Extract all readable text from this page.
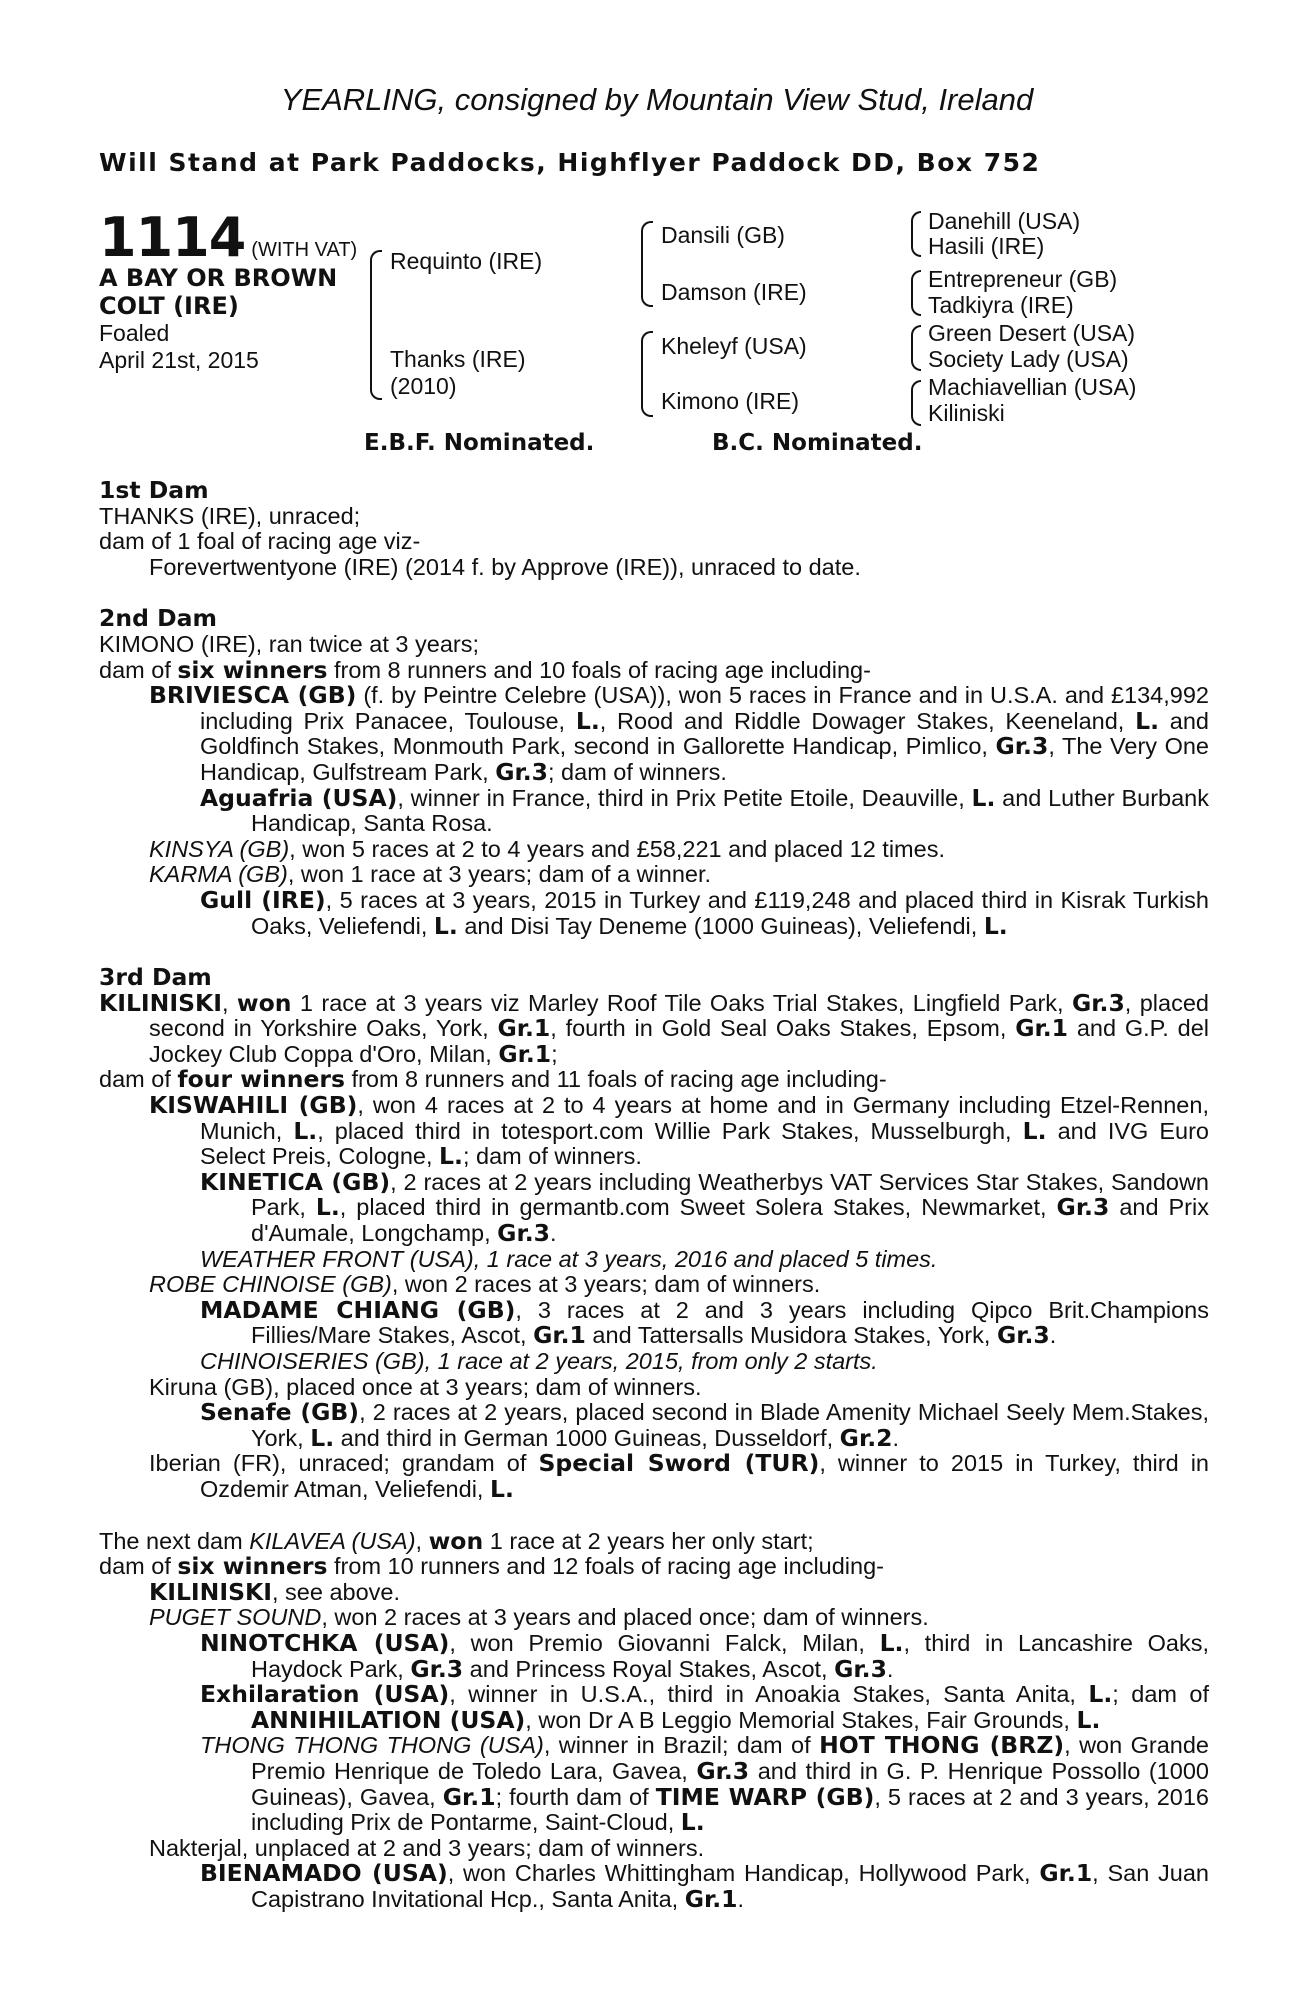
YEARLING, consigned by Mountain View Stud, Ireland
Will Stand at Park Paddocks, Highflyer Paddock DD, Box 752
1114 (WITH VAT)
A BAY OR BROWN
COLT (IRE)
Foaled
April 21st, 2015
Requinto (IRE)
Thanks (IRE)
(2010)
Dansili (GB)
Damson (IRE)
Kheleyf (USA)
Kimono (IRE)
Danehill (USA)
Hasili (IRE)
Entrepreneur (GB)
Tadkiyra (IRE)
Green Desert (USA)
Society Lady (USA)
Machiavellian (USA)
Kiliniski
E.B.F. Nominated.	B.C. Nominated.
1st Dam
THANKS (IRE), unraced;
dam of 1 foal of racing age viz-
Forevertwentyone (IRE) (2014 f. by Approve (IRE)), unraced to date.
2nd Dam
KIMONO (IRE), ran twice at 3 years;
dam of six winners from 8 runners and 10 foals of racing age including-
BRIVIESCA (GB) (f. by Peintre Celebre (USA)), won 5 races in France and in U.S.A. and £134,992 including Prix Panacee, Toulouse, L., Rood and Riddle Dowager Stakes, Keeneland, L. and Goldfinch Stakes, Monmouth Park, second in Gallorette Handicap, Pimlico, Gr.3, The Very One Handicap, Gulfstream Park, Gr.3; dam of winners.
Aguafria (USA), winner in France, third in Prix Petite Etoile, Deauville, L. and Luther Burbank Handicap, Santa Rosa.
KINSYA (GB), won 5 races at 2 to 4 years and £58,221 and placed 12 times.
KARMA (GB), won 1 race at 3 years; dam of a winner.
Gull (IRE), 5 races at 3 years, 2015 in Turkey and £119,248 and placed third in Kisrak Turkish Oaks, Veliefendi, L. and Disi Tay Deneme (1000 Guineas), Veliefendi, L.
3rd Dam
KILINISKI, won 1 race at 3 years viz Marley Roof Tile Oaks Trial Stakes, Lingfield Park, Gr.3, placed second in Yorkshire Oaks, York, Gr.1, fourth in Gold Seal Oaks Stakes, Epsom, Gr.1 and G.P. del Jockey Club Coppa d'Oro, Milan, Gr.1;
dam of four winners from 8 runners and 11 foals of racing age including-
KISWAHILI (GB), won 4 races at 2 to 4 years at home and in Germany including Etzel-Rennen, Munich, L., placed third in totesport.com Willie Park Stakes, Musselburgh, L. and IVG Euro Select Preis, Cologne, L.; dam of winners.
KINETICA (GB), 2 races at 2 years including Weatherbys VAT Services Star Stakes, Sandown Park, L., placed third in germantb.com Sweet Solera Stakes, Newmarket, Gr.3 and Prix d'Aumale, Longchamp, Gr.3.
WEATHER FRONT (USA), 1 race at 3 years, 2016 and placed 5 times.
ROBE CHINOISE (GB), won 2 races at 3 years; dam of winners.
MADAME CHIANG (GB), 3 races at 2 and 3 years including Qipco Brit.Champions Fillies/Mare Stakes, Ascot, Gr.1 and Tattersalls Musidora Stakes, York, Gr.3.
CHINOISERIES (GB), 1 race at 2 years, 2015, from only 2 starts.
Kiruna (GB), placed once at 3 years; dam of winners.
Senafe (GB), 2 races at 2 years, placed second in Blade Amenity Michael Seely Mem.Stakes, York, L. and third in German 1000 Guineas, Dusseldorf, Gr.2.
Iberian (FR), unraced; grandam of Special Sword (TUR), winner to 2015 in Turkey, third in Ozdemir Atman, Veliefendi, L.
The next dam KILAVEA (USA), won 1 race at 2 years her only start;
dam of six winners from 10 runners and 12 foals of racing age including-
KILINISKI, see above.
PUGET SOUND, won 2 races at 3 years and placed once; dam of winners.
NINOTCHKA (USA), won Premio Giovanni Falck, Milan, L., third in Lancashire Oaks, Haydock Park, Gr.3 and Princess Royal Stakes, Ascot, Gr.3.
Exhilaration (USA), winner in U.S.A., third in Anoakia Stakes, Santa Anita, L.; dam of ANNIHILATION (USA), won Dr A B Leggio Memorial Stakes, Fair Grounds, L.
THONG THONG THONG (USA), winner in Brazil; dam of HOT THONG (BRZ), won Grande Premio Henrique de Toledo Lara, Gavea, Gr.3 and third in G. P. Henrique Possollo (1000 Guineas), Gavea, Gr.1; fourth dam of TIME WARP (GB), 5 races at 2 and 3 years, 2016 including Prix de Pontarme, Saint-Cloud, L.
Nakterjal, unplaced at 2 and 3 years; dam of winners.
BIENAMADO (USA), won Charles Whittingham Handicap, Hollywood Park, Gr.1, San Juan Capistrano Invitational Hcp., Santa Anita, Gr.1.
